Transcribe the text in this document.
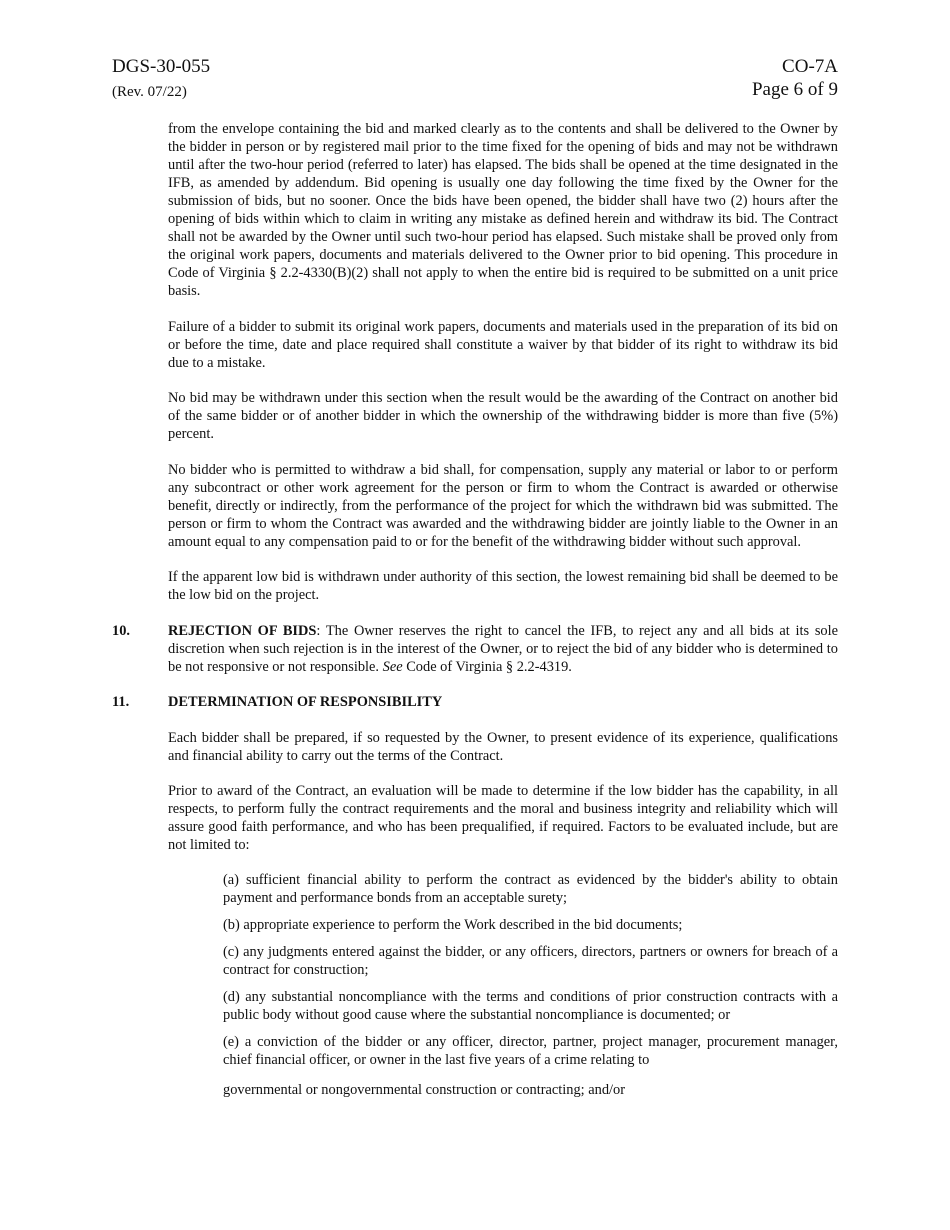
DGS-30-055
(Rev. 07/22)
CO-7A
Page 6 of 9

from the envelope containing the bid and marked clearly as to the contents and shall be delivered to the Owner by the bidder in person or by registered mail prior to the time fixed for the opening of bids and may not be withdrawn until after the two-hour period (referred to later) has elapsed. The bids shall be opened at the time designated in the IFB, as amended by addendum. Bid opening is usually one day following the time fixed by the Owner for the submission of bids, but no sooner. Once the bids have been opened, the bidder shall have two (2) hours after the opening of bids within which to claim in writing any mistake as defined herein and withdraw its bid. The Contract shall not be awarded by the Owner until such two-hour period has elapsed. Such mistake shall be proved only from the original work papers, documents and materials delivered to the Owner prior to bid opening. This procedure in Code of Virginia § 2.2-4330(B)(2) shall not apply to when the entire bid is required to be submitted on a unit price basis.

Failure of a bidder to submit its original work papers, documents and materials used in the preparation of its bid on or before the time, date and place required shall constitute a waiver by that bidder of its right to withdraw its bid due to a mistake.

No bid may be withdrawn under this section when the result would be the awarding of the Contract on another bid of the same bidder or of another bidder in which the ownership of the withdrawing bidder is more than five (5%) percent.

No bidder who is permitted to withdraw a bid shall, for compensation, supply any material or labor to or perform any subcontract or other work agreement for the person or firm to whom the Contract is awarded or otherwise benefit, directly or indirectly, from the performance of the project for which the withdrawn bid was submitted. The person or firm to whom the Contract was awarded and the withdrawing bidder are jointly liable to the Owner in an amount equal to any compensation paid to or for the benefit of the withdrawing bidder without such approval.

If the apparent low bid is withdrawn under authority of this section, the lowest remaining bid shall be deemed to be the low bid on the project.

10.	REJECTION OF BIDS: The Owner reserves the right to cancel the IFB, to reject any and all bids at its sole discretion when such rejection is in the interest of the Owner, or to reject the bid of any bidder who is determined to be not responsive or not responsible. See Code of Virginia § 2.2-4319.
11.	DETERMINATION OF RESPONSIBILITY

Each bidder shall be prepared, if so requested by the Owner, to present evidence of its experience, qualifications and financial ability to carry out the terms of the Contract.

Prior to award of the Contract, an evaluation will be made to determine if the low bidder has the capability, in all respects, to perform fully the contract requirements and the moral and business integrity and reliability which will assure good faith performance, and who has been prequalified, if required. Factors to be evaluated include, but are not limited to:

(a) sufficient financial ability to perform the contract as evidenced by the bidder's ability to obtain payment and performance bonds from an acceptable surety;

(b) appropriate experience to perform the Work described in the bid documents;

(c) any judgments entered against the bidder, or any officers, directors, partners or owners for breach of a contract for construction;

(d) any substantial noncompliance with the terms and conditions of prior construction contracts with a public body without good cause where the substantial noncompliance is documented; or

(e) a conviction of the bidder or any officer, director, partner, project manager, procurement manager, chief financial officer, or owner in the last five years of a crime relating to

governmental or nongovernmental construction or contracting; and/or
